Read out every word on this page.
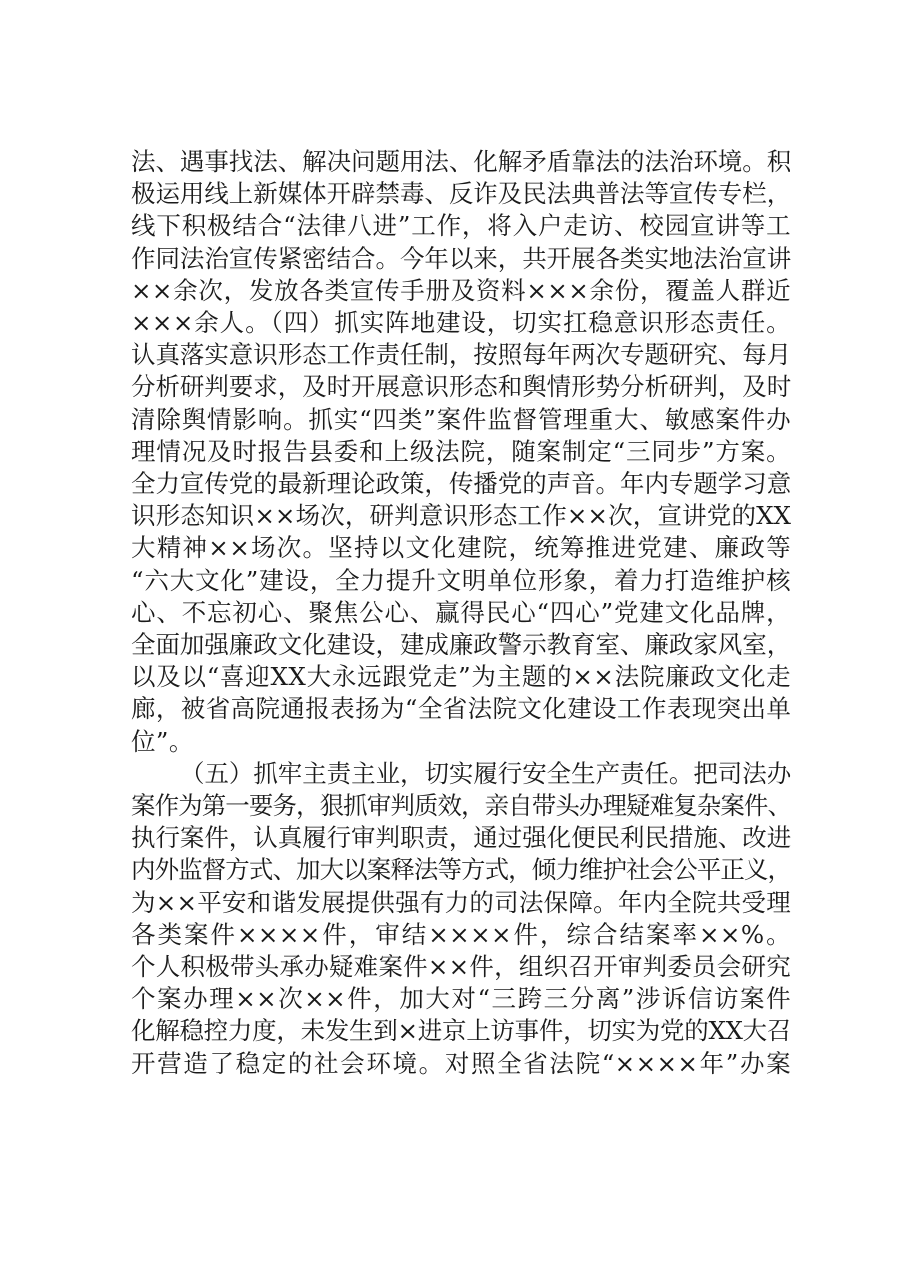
法、遇事找法、解决问题用法、化解矛盾靠法的法治环境。积
极运用线上新媒体开辟禁毒、反诈及民法典普法等宣传专栏，
线下积极结合“法律八进”工作，将入户走访、校园宣讲等工
作同法治宣传紧密结合。今年以来，共开展各类实地法治宣讲
××余次，发放各类宣传手册及资料×××余份，覆盖人群近
×××余人。（四）抓实阵地建设，切实扛稳意识形态责任。
认真落实意识形态工作责任制，按照每年两次专题研究、每月
分析研判要求，及时开展意识形态和舆情形势分析研判，及时
清除舆情影响。抓实“四类”案件监督管理重大、敏感案件办
理情况及时报告县委和上级法院，随案制定“三同步”方案。
全力宣传党的最新理论政策，传播党的声音。年内专题学习意
识形态知识××场次，研判意识形态工作××次，宣讲党的XX
大精神××场次。坚持以文化建院，统筹推进党建、廉政等
“六大文化”建设，全力提升文明单位形象，着力打造维护核
心、不忘初心、聚焦公心、赢得民心“四心”党建文化品牌，
全面加强廉政文化建设，建成廉政警示教育室、廉政家风室，
以及以“喜迎XX大永远跟党走”为主题的××法院廉政文化走
廊，被省高院通报表扬为“全省法院文化建设工作表现突出单
位”。
（五）抓牢主责主业，切实履行安全生产责任。把司法办
案作为第一要务，狠抓审判质效，亲自带头办理疑难复杂案件、
执行案件，认真履行审判职责，通过强化便民利民措施、改进
内外监督方式、加大以案释法等方式，倾力维护社会公平正义，
为××平安和谐发展提供强有力的司法保障。年内全院共受理
各类案件××××件，审结××××件，综合结案率××%。
个人积极带头承办疑难案件××件，组织召开审判委员会研究
个案办理××次××件，加大对“三跨三分离”涉诉信访案件
化解稳控力度，未发生到×进京上访事件，切实为党的XX大召
开营造了稳定的社会环境。对照全省法院“××××年”办案
